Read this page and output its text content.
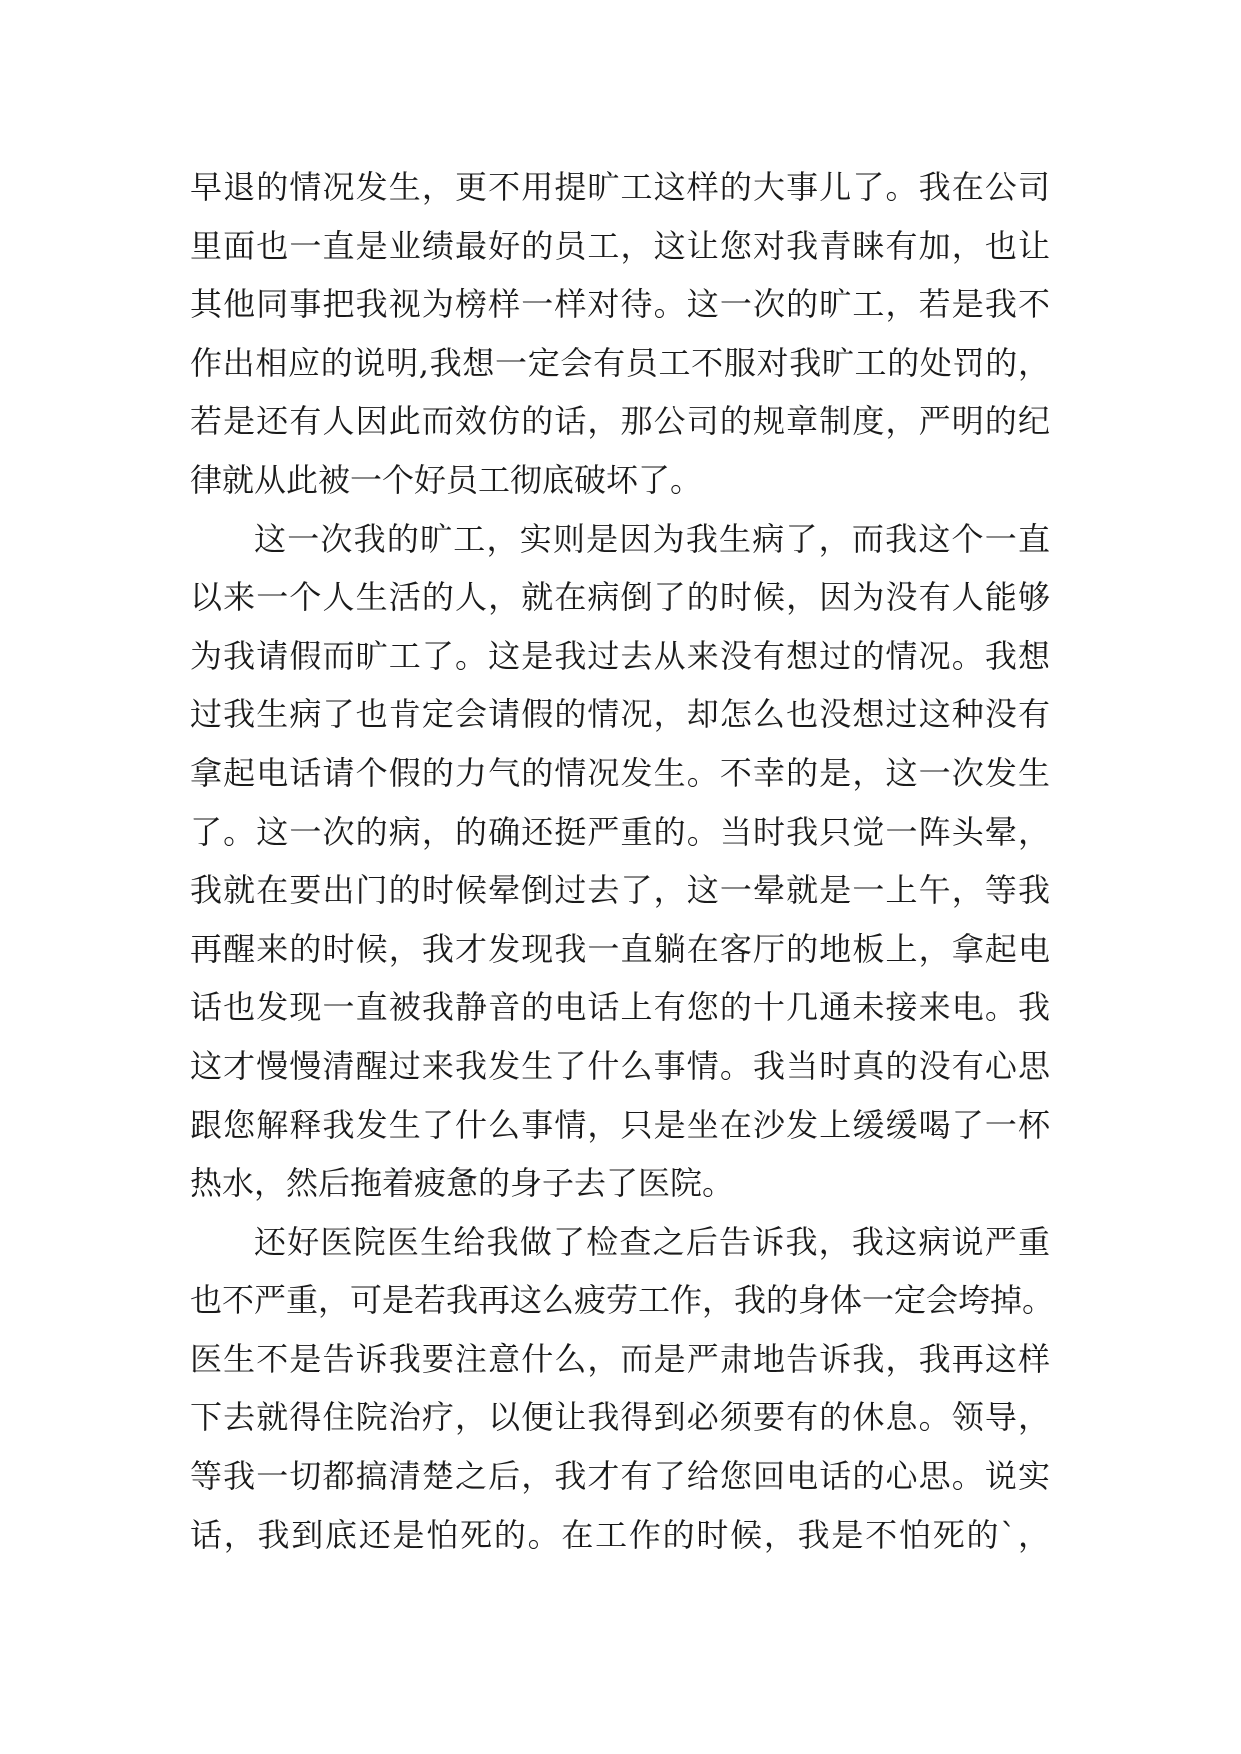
早退的情况发生，更不用提旷工这样的大事儿了。我在公司
里面也一直是业绩最好的员工，这让您对我青睐有加，也让
其他同事把我视为榜样一样对待。这一次的旷工，若是我不
作出相应的说明,我想一定会有员工不服对我旷工的处罚的，
若是还有人因此而效仿的话，那公司的规章制度，严明的纪
律就从此被一个好员工彻底破坏了。
这一次我的旷工，实则是因为我生病了，而我这个一直
以来一个人生活的人，就在病倒了的时候，因为没有人能够
为我请假而旷工了。这是我过去从来没有想过的情况。我想
过我生病了也肯定会请假的情况，却怎么也没想过这种没有
拿起电话请个假的力气的情况发生。不幸的是，这一次发生
了。这一次的病，的确还挺严重的。当时我只觉一阵头晕，
我就在要出门的时候晕倒过去了，这一晕就是一上午，等我
再醒来的时候，我才发现我一直躺在客厅的地板上，拿起电
话也发现一直被我静音的电话上有您的十几通未接来电。我
这才慢慢清醒过来我发生了什么事情。我当时真的没有心思
跟您解释我发生了什么事情，只是坐在沙发上缓缓喝了一杯
热水，然后拖着疲惫的身子去了医院。
还好医院医生给我做了检查之后告诉我，我这病说严重
也不严重，可是若我再这么疲劳工作，我的身体一定会垮掉。
医生不是告诉我要注意什么，而是严肃地告诉我，我再这样
下去就得住院治疗，以便让我得到必须要有的休息。领导，
等我一切都搞清楚之后，我才有了给您回电话的心思。说实
话，我到底还是怕死的。在工作的时候，我是不怕死的`，
